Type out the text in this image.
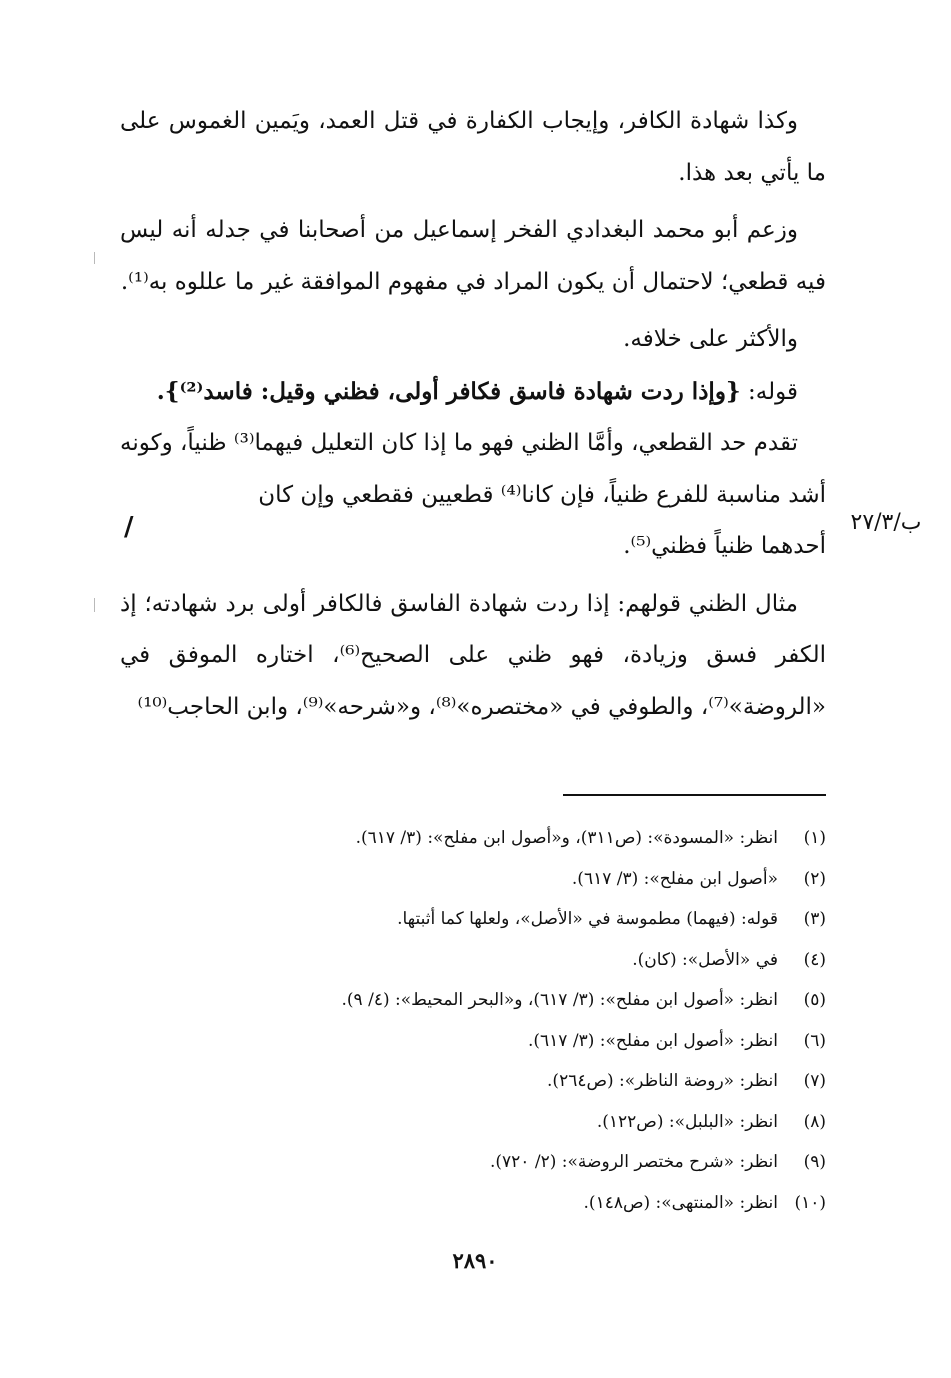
وكذا شهادة الكافر، وإيجاب الكفارة في قتل العمد، ويَمين الغموس على ما يأتي بعد هذا.

وزعم أبو محمد البغدادي الفخر إسماعيل من أصحابنا في جدله أنه ليس فيه قطعي؛ لاحتمال أن يكون المراد في مفهوم الموافقة غير ما عللوه به⁽¹⁾.

والأكثر على خلافه.

قوله: {وإذا ردت شهادة فاسق فكافر أولى، فظني وقيل: فاسد⁽²⁾}.

تقدم حد القطعي، وأمَّا الظني فهو ما إذا كان التعليل فيهما⁽³⁾ ظنياً، وكونه أشد مناسبة للفرع ظنياً، فإن كانا⁽⁴⁾ قطعيين فقطعي وإن كان

أحدهما ظنياً فظني⁽⁵⁾.

مثال الظني قولهم: إذا ردت شهادة الفاسق فالكافر أولى برد شهادته؛ إذ الكفر فسق وزيادة، فهو ظني على الصحيح⁽⁶⁾، اختاره الموفق في «الروضة»⁽⁷⁾، والطوفي في «مختصره»⁽⁸⁾، و«شرحه»⁽⁹⁾، وابن الحاجب⁽¹⁰⁾

ب/٢٧/٣
/
(١)
انظر: «المسودة»: (ص٣١١)، و«أصول ابن مفلح»: (٣/ ٦١٧).
(٢)
«أصول ابن مفلح»: (٣/ ٦١٧).
(٣)
قوله: (فيهما) مطموسة في «الأصل»، ولعلها كما أثبتها.
(٤)
في «الأصل»: (كان).
(٥)
انظر: «أصول ابن مفلح»: (٣/ ٦١٧)، و«البحر المحيط»: (٤/ ٩).
(٦)
انظر: «أصول ابن مفلح»: (٣/ ٦١٧).
(٧)
انظر: «روضة الناظر»: (ص٢٦٤).
(٨)
انظر: «البلبل»: (ص١٢٢).
(٩)
انظر: «شرح مختصر الروضة»: (٢/ ٧٢٠).
(١٠)
انظر: «المنتهى»: (ص١٤٨).
٢٨٩٠
